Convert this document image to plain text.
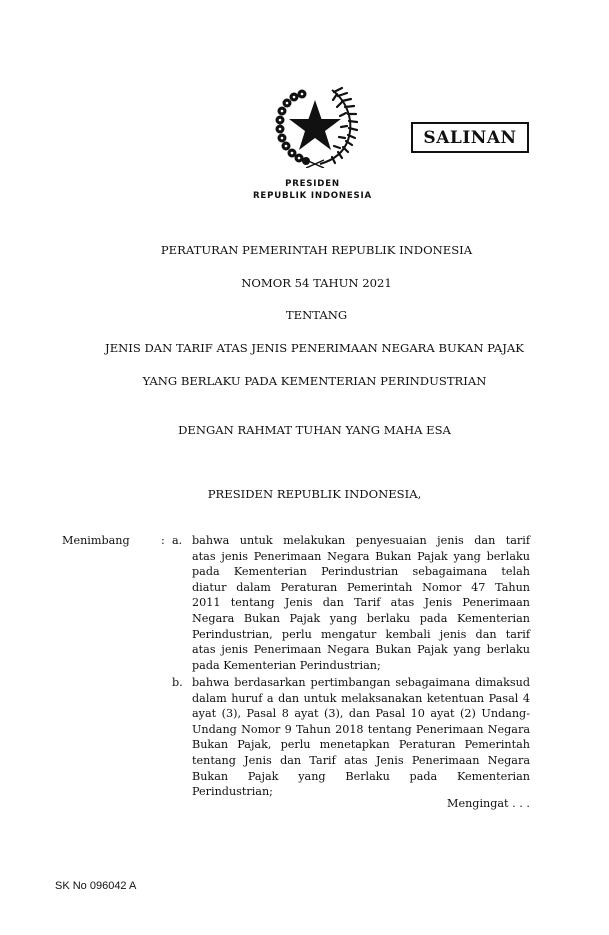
SALINAN
PRESIDEN
REPUBLIK INDONESIA
PERATURAN PEMERINTAH REPUBLIK INDONESIA
NOMOR 54 TAHUN 2021
TENTANG
JENIS DAN TARIF ATAS JENIS PENERIMAAN NEGARA BUKAN PAJAK
YANG BERLAKU PADA KEMENTERIAN PERINDUSTRIAN
DENGAN RAHMAT TUHAN YANG MAHA ESA
PRESIDEN REPUBLIK INDONESIA,
Menimbang	: a. bahwa untuk melakukan penyesuaian jenis dan tarif
atas jenis Penerimaan Negara Bukan Pajak yang berlaku
pada Kementerian Perindustrian sebagaimana telah
diatur dalam Peraturan Pemerintah Nomor 47 Tahun
2011 tentang Jenis dan Tarif atas Jenis Penerimaan
Negara Bukan Pajak yang berlaku pada Kementerian
Perindustrian, perlu mengatur kembali jenis dan tarif
atas jenis Penerimaan Negara Bukan Pajak yang berlaku
pada Kementerian Perindustrian;
b. bahwa berdasarkan pertimbangan sebagaimana dimaksud
dalam huruf a dan untuk melaksanakan ketentuan Pasal 4
ayat (3), Pasal 8 ayat (3), dan Pasal 10 ayat (2) Undang-
Undang Nomor 9 Tahun 2018 tentang Penerimaan Negara
Bukan Pajak, perlu menetapkan Peraturan Pemerintah
tentang Jenis dan Tarif atas Jenis Penerimaan Negara
Bukan Pajak yang Berlaku pada Kementerian
Perindustrian;
Mengingat . . .
SK No 096042 A
